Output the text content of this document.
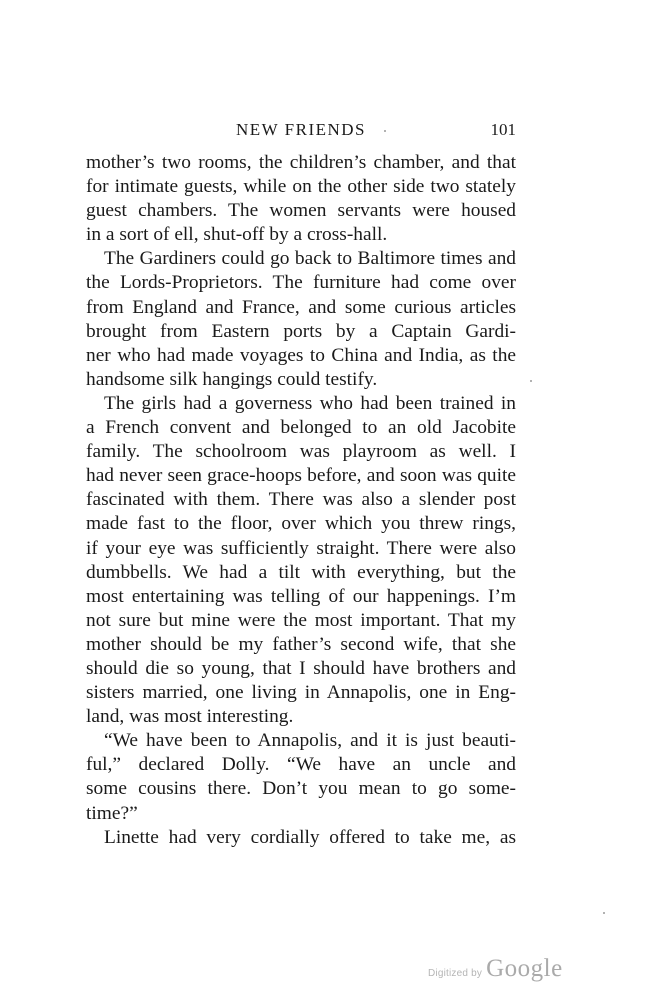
NEW FRIENDS	101
mother’s two rooms, the children’s chamber, and that
for intimate guests, while on the other side two stately
guest chambers. The women servants were housed
in a sort of ell, shut-off by a cross-hall.
The Gardiners could go back to Baltimore times and
the Lords-Proprietors. The furniture had come over
from England and France, and some curious articles
brought from Eastern ports by a Captain Gardi-
ner who had made voyages to China and India, as the
handsome silk hangings could testify.
The girls had a governess who had been trained in
a French convent and belonged to an old Jacobite
family. The schoolroom was playroom as well. I
had never seen grace-hoops before, and soon was quite
fascinated with them. There was also a slender post
made fast to the floor, over which you threw rings,
if your eye was sufficiently straight. There were also
dumbbells. We had a tilt with everything, but the
most entertaining was telling of our happenings. I’m
not sure but mine were the most important. That my
mother should be my father’s second wife, that she
should die so young, that I should have brothers and
sisters married, one living in Annapolis, one in Eng-
land, was most interesting.
“We have been to Annapolis, and it is just beauti-
ful,” declared Dolly. “We have an uncle and
some cousins there. Don’t you mean to go some-
time?”
Linette had very cordially offered to take me, as
Digitized by Google
